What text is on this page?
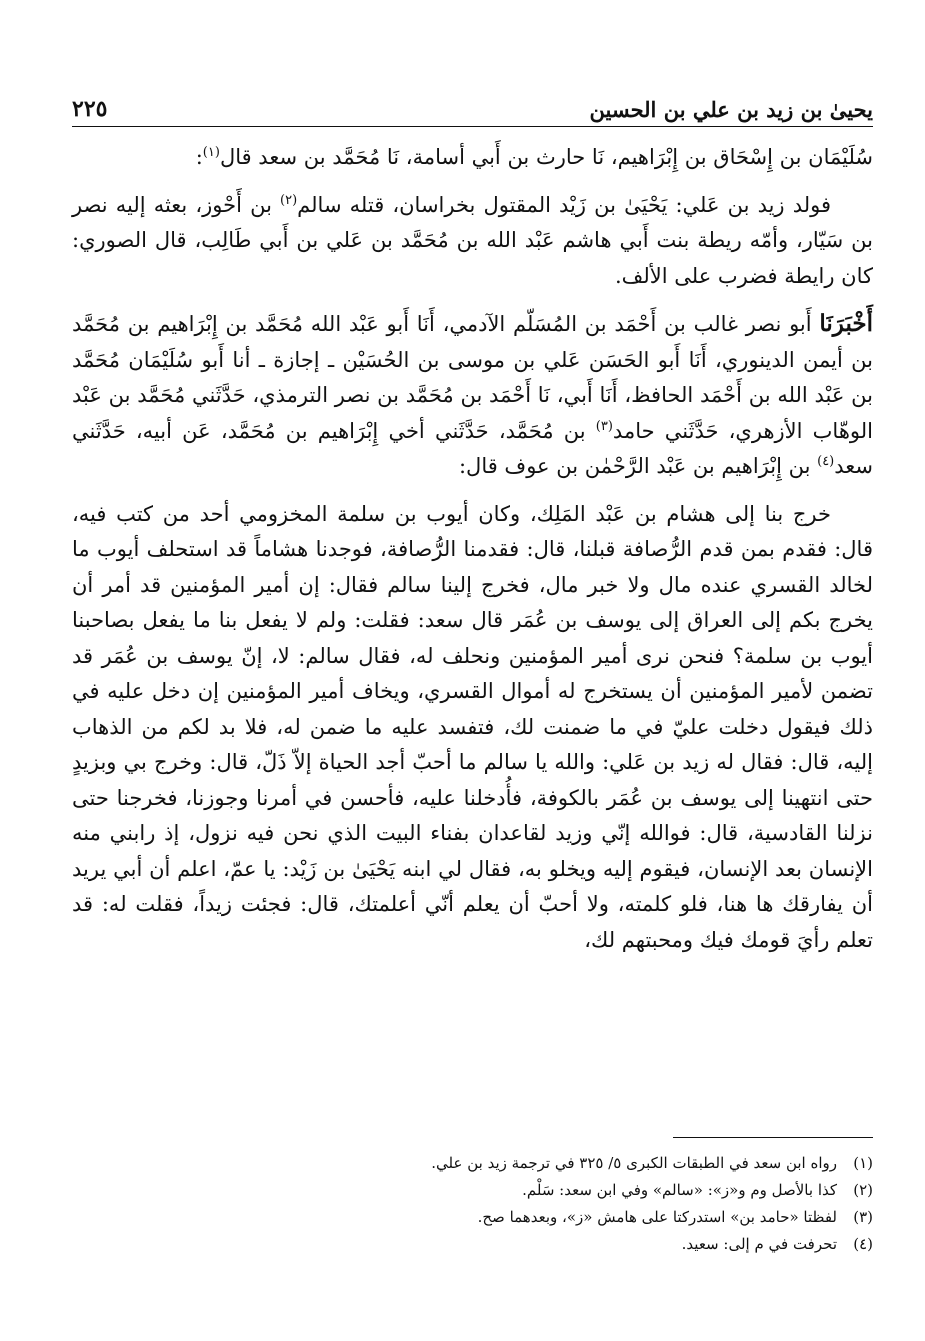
يحيىٰ بن زيد بن علي بن الحسين
٢٢٥

سُلَيْمَان بن إِسْحَاق بن إِبْرَاهيم، نَا حارث بن أَبي أسامة، نَا مُحَمَّد بن سعد قال$^{(١)}$:

فولد زيد بن عَلي: يَحْيَىٰ بن زَيْد المقتول بخراسان، قتله سالم$^{(٢)}$ بن أَحْوز، بعثه إليه نصر بن سَيّار، وأمّه ريطة بنت أَبي هاشم عَبْد الله بن مُحَمَّد بن عَلي بن أَبي طَالِب، قال الصوري: كان رايطة فضرب على الألف.

أَخْبَرَنَا أَبو نصر غالب بن أَحْمَد بن المُسَلّم الآدمي، أَنَا أَبو عَبْد الله مُحَمَّد بن إِبْرَاهيم بن مُحَمَّد بن أيمن الدينوري، أَنَا أَبو الحَسَن عَلي بن موسى بن الحُسَيْن ـ إجازة ـ أنا أَبو سُلَيْمَان مُحَمَّد بن عَبْد الله بن أَحْمَد الحافظ، أَنَا أَبي، نَا أَحْمَد بن مُحَمَّد بن نصر الترمذي، حَدَّثَني مُحَمَّد بن عَبْد الوهّاب الأزهري، حَدَّثَني حامد$^{(٣)}$ بن مُحَمَّد، حَدَّثَني أخي إِبْرَاهيم بن مُحَمَّد، عَن أبيه، حَدَّثَني سعد$^{(٤)}$ بن إِبْرَاهيم بن عَبْد الرَّحْمٰن بن عوف قال:

خرج بنا إلى هشام بن عَبْد المَلِك، وكان أيوب بن سلمة المخزومي أحد من كتب فيه، قال: فقدم بمن قدم الرُّصافة قبلنا، قال: فقدمنا الرُّصافة، فوجدنا هشاماً قد استحلف أيوب ما لخالد القسري عنده مال ولا خبر مال، فخرج إلينا سالم فقال: إن أمير المؤمنين قد أمر أن يخرج بكم إلى العراق إلى يوسف بن عُمَر قال سعد: فقلت: ولم لا يفعل بنا ما يفعل بصاحبنا أيوب بن سلمة؟ فنحن نرى أمير المؤمنين ونحلف له، فقال سالم: لا، إنّ يوسف بن عُمَر قد تضمن لأمير المؤمنين أن يستخرج له أموال القسري، ويخاف أمير المؤمنين إن دخل عليه في ذلك فيقول دخلت عليّ في ما ضمنت لك، فتفسد عليه ما ضمن له، فلا بد لكم من الذهاب إليه، قال: فقال له زيد بن عَلي: والله يا سالم ما أحبّ أجد الحياة إلاّ ذَلّ، قال: وخرج بي وبزيدٍ حتى انتهينا إلى يوسف بن عُمَر بالكوفة، فأُدخلنا عليه، فأحسن في أمرنا وجوزنا، فخرجنا حتى نزلنا القادسية، قال: فوالله إنّي وزيد لقاعدان بفناء البيت الذي نحن فيه نزول، إذ رابني منه الإنسان بعد الإنسان، فيقوم إليه ويخلو به، فقال لي ابنه يَحْيَىٰ بن زَيْد: يا عمّ، اعلم أن أبي يريد أن يفارقك ها هنا، فلو كلمته، ولا أحبّ أن يعلم أنّي أعلمتك، قال: فجئت زيداً، فقلت له: قد تعلم رأيَ قومك فيك ومحبتهم لك،

(١)
رواه ابن سعد في الطبقات الكبرى ٥/ ٣٢٥ في ترجمة زيد بن علي.
(٢)
كذا بالأصل وم و«ز»: «سالم» وفي ابن سعد: سَلْم.
(٣)
لفظتا «حامد بن» استدركتا على هامش «ز»، وبعدهما صح.
(٤)
تحرفت في م إلى: سعيد.
